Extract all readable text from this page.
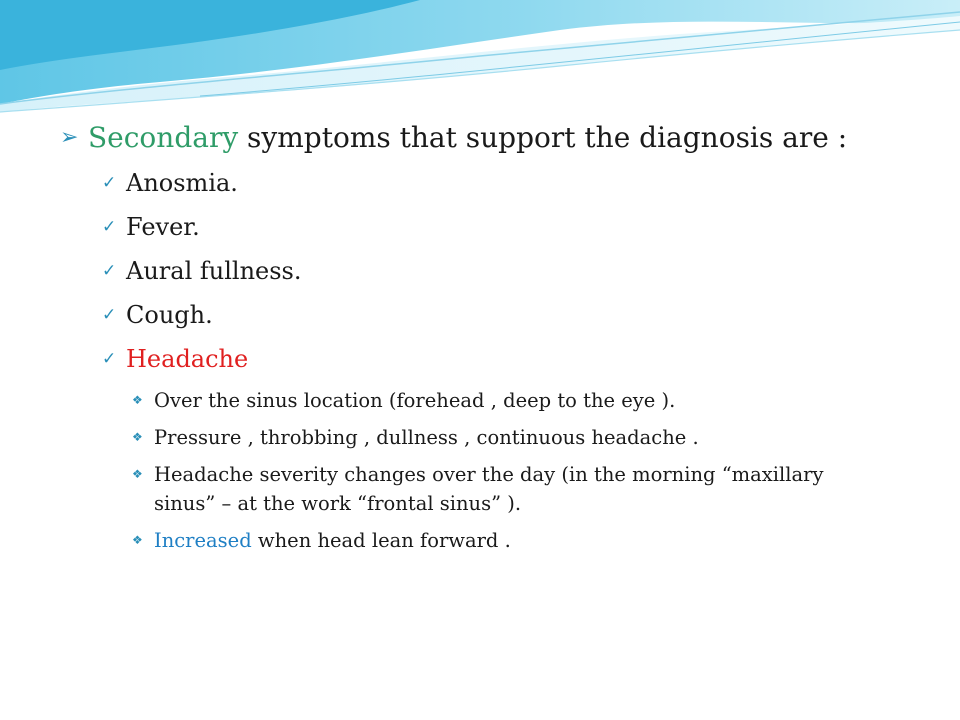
➢ Secondary symptoms that support the diagnosis are :
✓ Anosmia.
✓ Fever.
✓ Aural fullness.
✓ Cough.
✓ Headache
❖ Over the sinus location (forehead , deep to the eye ).
❖ Pressure , throbbing , dullness , continuous headache .
❖ Headache severity changes over the day (in the morning “maxillary sinus” – at the work “frontal sinus” ).
❖ Increased when head lean forward .
